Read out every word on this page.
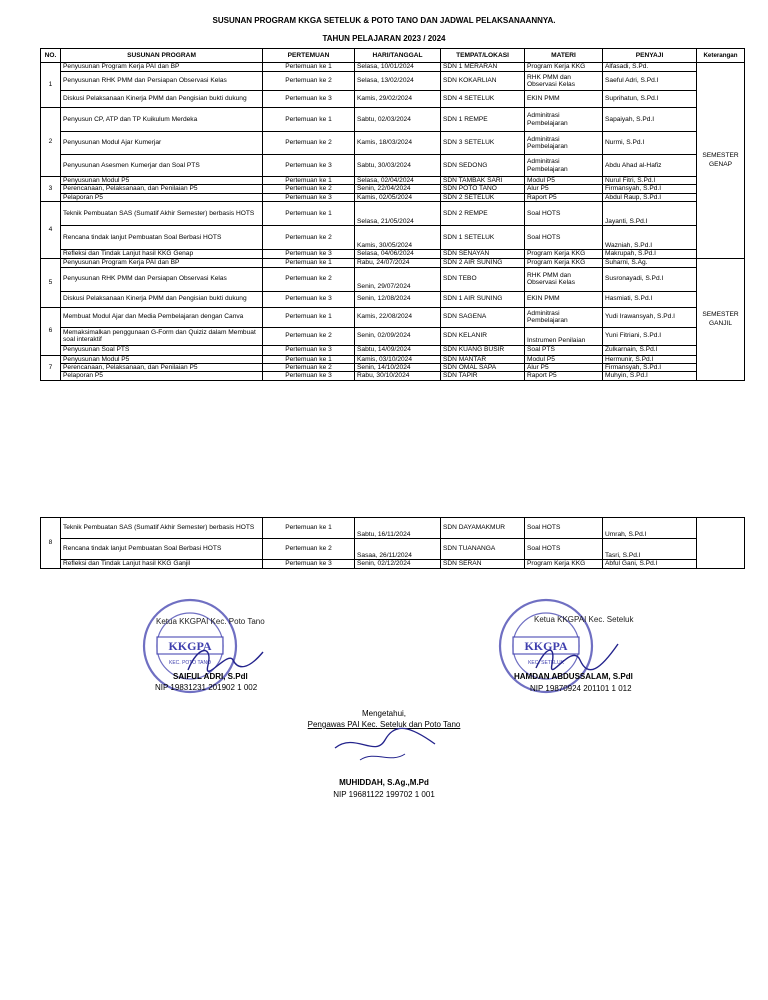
SUSUNAN PROGRAM KKGA SETELUK & POTO TANO DAN JADWAL PELAKSANAANNYA.
TAHUN PELAJARAN 2023 / 2024
NO.	SUSUNAN PROGRAM	PERTEMUAN	HARI/TANGGAL	TEMPAT/LOKASI	MATERI	PENYAJI	Keterangan
1	Penyusunan Program Kerja PAI dan BP	Pertemuan ke 1	Selasa, 10/01/2024	SDN 1 MERARAN	Program Kerja KKG	Alfasadi, S.Pd.	SEMESTER GENAP
	Penyusunan RHK PMM dan Persiapan Observasi Kelas	Pertemuan ke 2	Selasa, 13/02/2024	SDN KOKARLIAN	RHK PMM dan Observasi Kelas	Saeful Adri, S.Pd.I	
	Diskusi Pelaksanaan Kinerja PMM dan Pengisian bukti dukung	Pertemuan ke 3	Kamis, 29/02/2024	SDN 4 SETELUK	EKIN PMM	Suprihatun, S.Pd.I	
2	Penyusun CP, ATP dan TP Kuikulum Merdeka	Pertemuan ke 1	Sabtu, 02/03/2024	SDN 1 REMPE	Adminitrasi Pembelajaran	Sapaiyah, S.Pd.I	
	Penyusunan Modul Ajar Kumerjar	Pertemuan ke 2	Kamis, 18/03/2024	SDN 3 SETELUK	Adminitrasi Pembelajaran	Nurmi, S.Pd.I	
	Penyusunan Asesmen Kumerjar dan Soal PTS	Pertemuan ke 3	Sabtu, 30/03/2024	SDN SEDONG	Adminitrasi Pembelajaran	Abdu Ahad al-Hafiz	
3	Penyusunan Modul P5	Pertemuan ke 1	Selasa, 02/04/2024	SDN TAMBAK SARI	Modul P5	Nurul Fitri, S.Pd.I	
	Perencanaan, Pelaksanaan, dan Penilaian P5	Pertemuan ke 2	Senin, 22/04/2024	SDN POTO TANO	Alur P5	Firmansyah, S.Pd.I	
	Pelaporan P5	Pertemuan ke 3	Kamis, 02/05/2024	SDN 2 SETELUK	Raport P5	Abdul Raup, S.Pd.I	
4	Teknik Pembuatan SAS (Sumatif Akhir Semester) berbasis HOTS	Pertemuan ke 1	Selasa, 21/05/2024	SDN 2 REMPE	Soal HOTS	Jayanti, S.Pd.I	
	Rencana tindak lanjut Pembuatan Soal Berbasi HOTS	Pertemuan ke 2	Kamis, 30/05/2024	SDN 1 SETELUK	Soal HOTS	Wazniah, S.Pd.I	
	Refleksi dan Tindak Lanjut hasil KKG Genap	Pertemuan ke 3	Selasa, 04/06/2024	SDN SENAYAN	Program Kerja KKG	Makrupah, S.Pd.I	
5	Penyusunan Program Kerja PAI dan BP	Pertemuan ke 1	Rabu, 24/07/2024	SDN 2 AIR SUNING	Program Kerja KKG	Suharni, S.Ag.	SEMESTER GANJIL
	Penyusunan RHK PMM dan Persiapan Observasi Kelas	Pertemuan ke 2	Senin, 29/07/2024	SDN TEBO	RHK PMM dan Observasi Kelas	Susronayadi, S.Pd.I	
	Diskusi Pelaksanaan Kinerja PMM dan Pengisian bukti dukung	Pertemuan ke 3	Senin, 12/08/2024	SDN 1 AIR SUNING	EKIN PMM	Hasmiati, S.Pd.I	
6	Membuat Modul Ajar dan Media Pembelajaran dengan Canva	Pertemuan ke 1	Kamis, 22/08/2024	SDN SAGENA	Adminitrasi Pembelajaran	Yudi Irawansyah, S.Pd.I	
	Memaksimalkan penggunaan G-Form dan Quiziz dalam Membuat soal interaktif	Pertemuan ke 2	Senin, 02/09/2024	SDN KELANIR	Instrumen Penilaian	Yuni Fitriani, S.Pd.I	
	Penyusunan Soal PTS	Pertemuan ke 3	Sabtu, 14/09/2024	SDN KUANG BUSIR	Soal PTS	Zulkarnain, S.Pd.I	
7	Penyusunan Modul P5	Pertemuan ke 1	Kamis, 03/10/2024	SDN MANTAR	Modul P5	Hermunir, S.Pd.I	
	Perencanaan, Pelaksanaan, dan Penilaian P5	Pertemuan ke 2	Senin, 14/10/2024	SDN OMAL SAPA	Alur P5	Firmansyah, S.Pd.I	
	Pelaporan P5	Pertemuan ke 3	Rabu, 30/10/2024	SDN TAPIR	Raport P5	Muhyin, S.Pd.I	
8	Teknik Pembuatan SAS (Sumatif Akhir Semester) berbasis HOTS	Pertemuan ke 1	Sabtu, 16/11/2024	SDN DAYAMAKMUR	Soal HOTS	Umrah, S.Pd.I	
	Rencana tindak lanjut Pembuatan Soal Berbasi HOTS	Pertemuan ke 2	Sasaa, 26/11/2024	SDN TUANANGA	Soal HOTS	Tasri, S.Pd.I	
	Refleksi dan Tindak Lanjut hasil KKG Ganjil	Pertemuan ke 3	Senin, 02/12/2024	SDN SERAN	Program Kerja KKG	Abful Gani, S.Pd.I	
KKGPA
KEC. POTO TANO
Ketua KKGPAI Kec. Poto Tano
SAIFUL ADRI, S.Pdl
NIP 19831231 201902 1 002
KKGPA
KEC. SETELUK
Ketua KKGPAI Kec. Seteluk
HAMDAN ABDUSSALAM, S.Pdl
NIP 19870924 201101 1 012
Mengetahui,
Pengawas PAI Kec. Seteluk dan Poto Tano
MUHIDDAH, S.Ag.,M.Pd
NIP 19681122 199702 1 001
